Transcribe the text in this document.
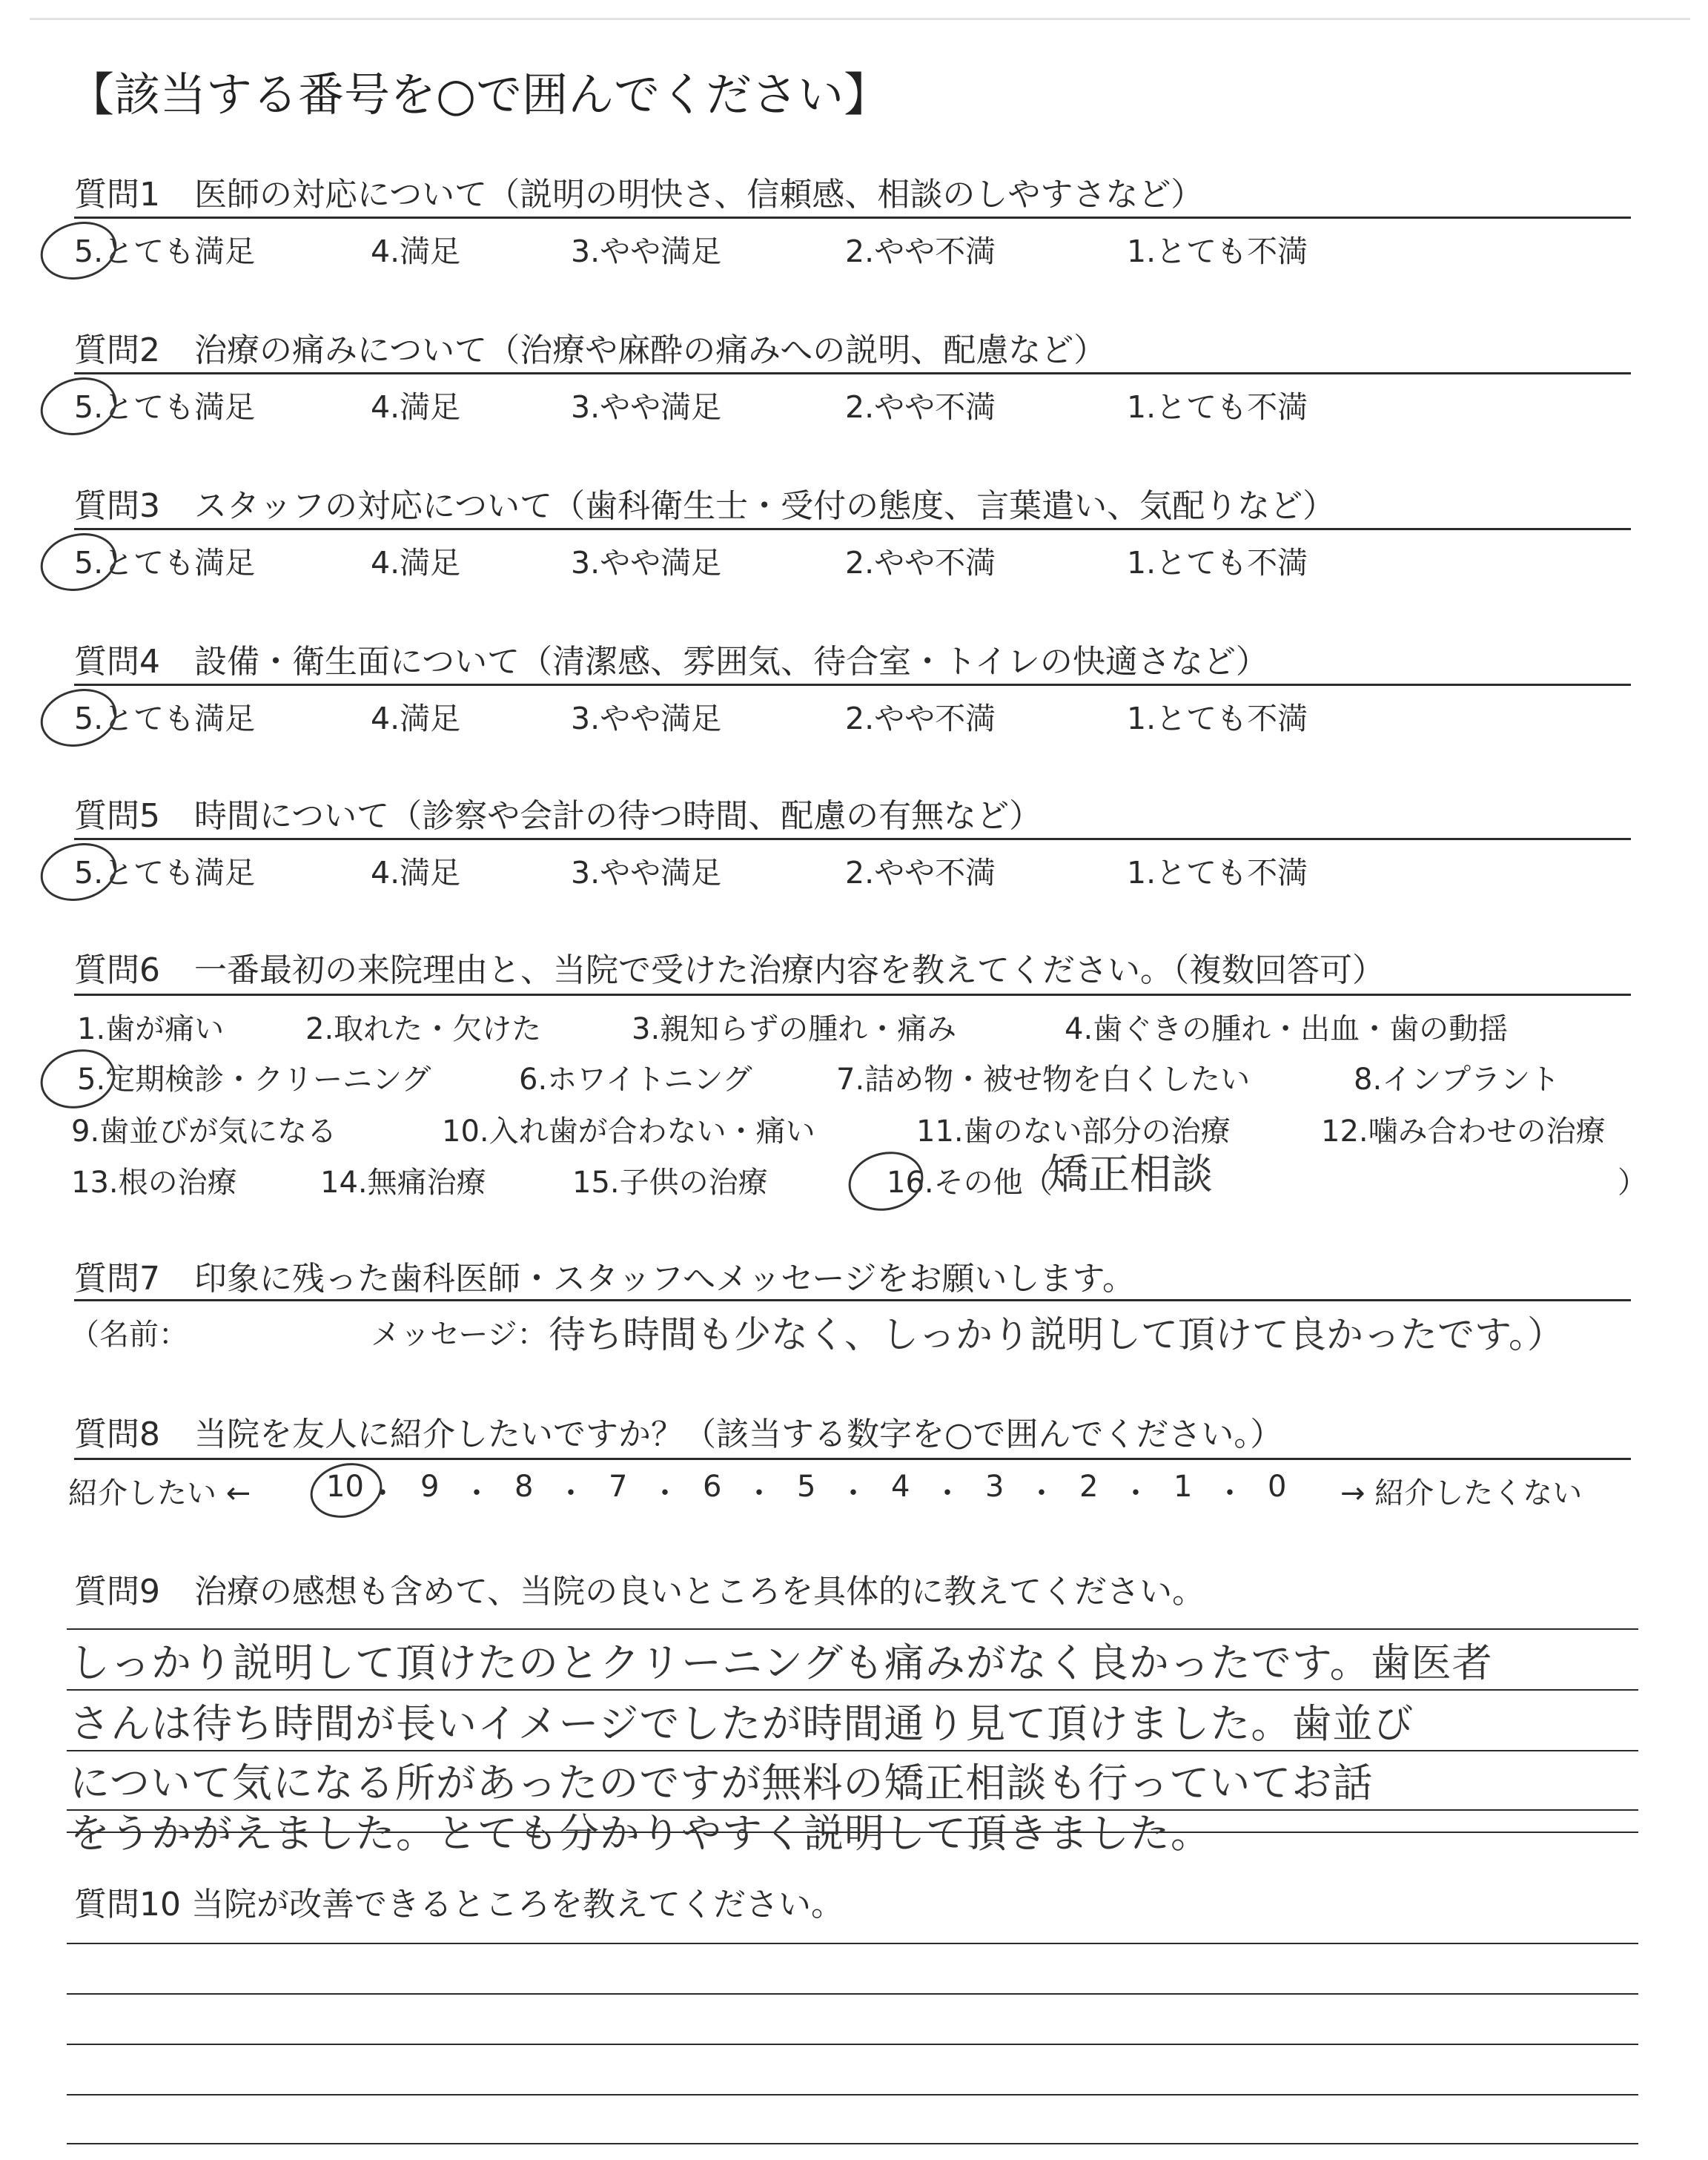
【該当する番号を○で囲んでください】
質問1 医師の対応について（説明の明快さ、信頼感、相談のしやすさなど）
5.とても満足	4.満足	3.やや満足	2.やや不満	1.とても不満
質問2 治療の痛みについて（治療や麻酔の痛みへの説明、配慮など）
5.とても満足	4.満足	3.やや満足	2.やや不満	1.とても不満
質問3 スタッフの対応について（歯科衛生士・受付の態度、言葉遣い、気配りなど）
5.とても満足	4.満足	3.やや満足	2.やや不満	1.とても不満
質問4 設備・衛生面について（清潔感、雰囲気、待合室・トイレの快適さなど）
5.とても満足	4.満足	3.やや満足	2.やや不満	1.とても不満
質問5 時間について（診察や会計の待つ時間、配慮の有無など）
5.とても満足	4.満足	3.やや満足	2.やや不満	1.とても不満
質問6 一番最初の来院理由と、当院で受けた治療内容を教えてください。（複数回答可）
1.歯が痛い	2.取れた・欠けた	3.親知らずの腫れ・痛み	4.歯ぐきの腫れ・出血・歯の動揺
5.定期検診・クリーニング	6.ホワイトニング	7.詰め物・被せ物を白くしたい	8.インプラント
9.歯並びが気になる	10.入れ歯が合わない・痛い	11.歯のない部分の治療	12.噛み合わせの治療
13.根の治療	14.無痛治療	15.子供の治療	16.その他（	）
矯正相談
質問7 印象に残った歯科医師・スタッフへメッセージをお願いします。
（名前：	メッセージ： 待ち時間も少なく、しっかり説明して頂けて良かったです。）
質問8 当院を友人に紹介したいですか？（該当する数字を○で囲んでください。）
紹介したい ←	10 ・ 9 ・ 8 ・ 7 ・ 6 ・ 5 ・ 4 ・ 3 ・ 2 ・ 1 ・ 0 → 紹介したくない
質問9 治療の感想も含めて、当院の良いところを具体的に教えてください。
しっかり説明して頂けたのとクリーニングも痛みがなく良かったです。歯医者
さんは待ち時間が長いイメージでしたが時間通り見て頂けました。歯並び
について気になる所があったのですが無料の矯正相談も行っていてお話
をうかがえました。とても分かりやすく説明して頂きました。
質問10 当院が改善できるところを教えてください。
